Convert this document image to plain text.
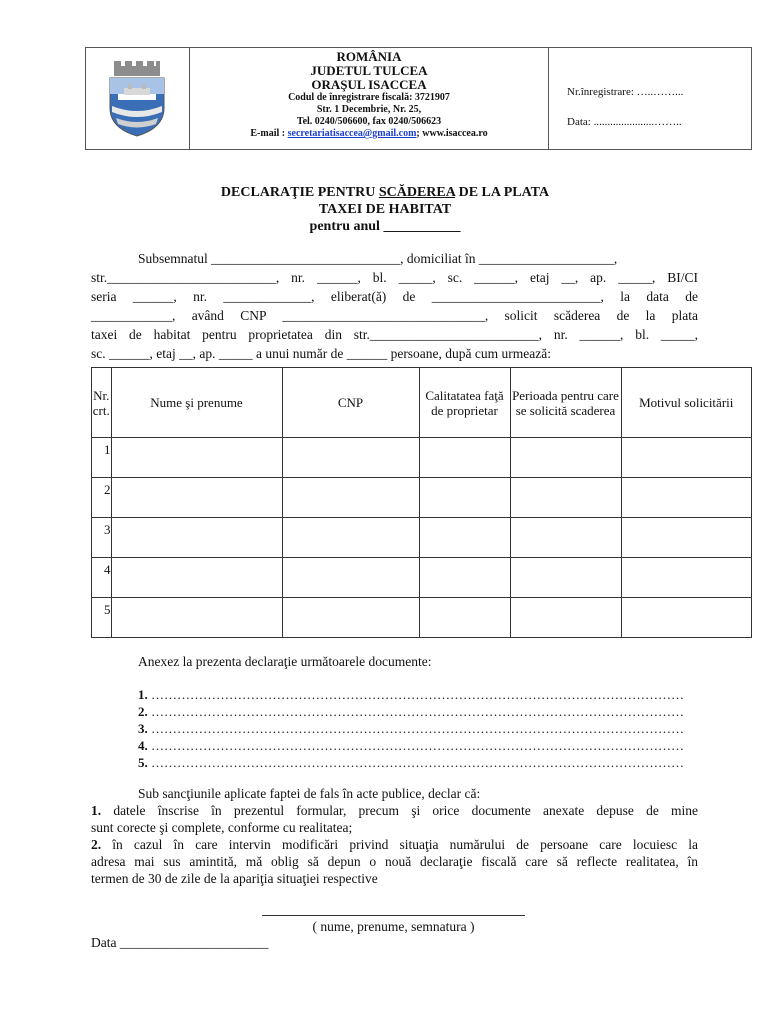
ROMÂNIA
JUDETUL TULCEA
ORAŞUL ISACCEA
Codul de înregistrare fiscală: 3721907
Str. 1 Decembrie, Nr. 25,
Tel. 0240/506600, fax 0240/506623
E-mail : secretariatisaccea@gmail.com; www.isaccea.ro
Nr.înregistrare: …..……...
Data: ......................……..
DECLARAŢIE PENTRU SCĂDEREA DE LA PLATA
TAXEI DE HABITAT
pentru anul ___________
Subsemnatul ____________________________, domiciliat în ____________________,
str._________________________, nr. ______, bl. _____, sc. ______, etaj __, ap. _____, BI/CI
seria ______, nr. _____________, eliberat(ă) de _________________________, la data de
____________, având CNP ______________________________, solicit scăderea de la plata
taxei de habitat pentru proprietatea din str._________________________, nr. ______, bl. _____,
sc. ______, etaj __, ap. _____ a unui număr de ______ persoane, după cum urmează:
Nr. crt.	Nume şi prenume	CNP	Calitatatea faţă de proprietar	Perioada pentru care se solicită scaderea	Motivul solicitării
1					
2					
3					
4					
5					
Anexez la prezenta declaraţie următoarele documente:
1. ……………………………………………………………………………………………………………
2. ……………………………………………………………………………………………………………
3. ……………………………………………………………………………………………………………
4. ……………………………………………………………………………………………………………
5. ……………………………………………………………………………………………………………
Sub sancţiunile aplicate faptei de fals în acte publice, declar că:
1. datele înscrise în prezentul formular, precum şi orice documente anexate depuse de mine
sunt corecte şi complete, conforme cu realitatea;
2. în cazul în care intervin modificări privind situaţia numărului de persoane care locuiesc la
adresa mai sus amintită, mă oblig să depun o nouă declaraţie fiscală care să reflecte realitatea, în
termen de 30 de zile de la apariţia situaţiei respective
( nume, prenume, semnatura )
Data ______________________
